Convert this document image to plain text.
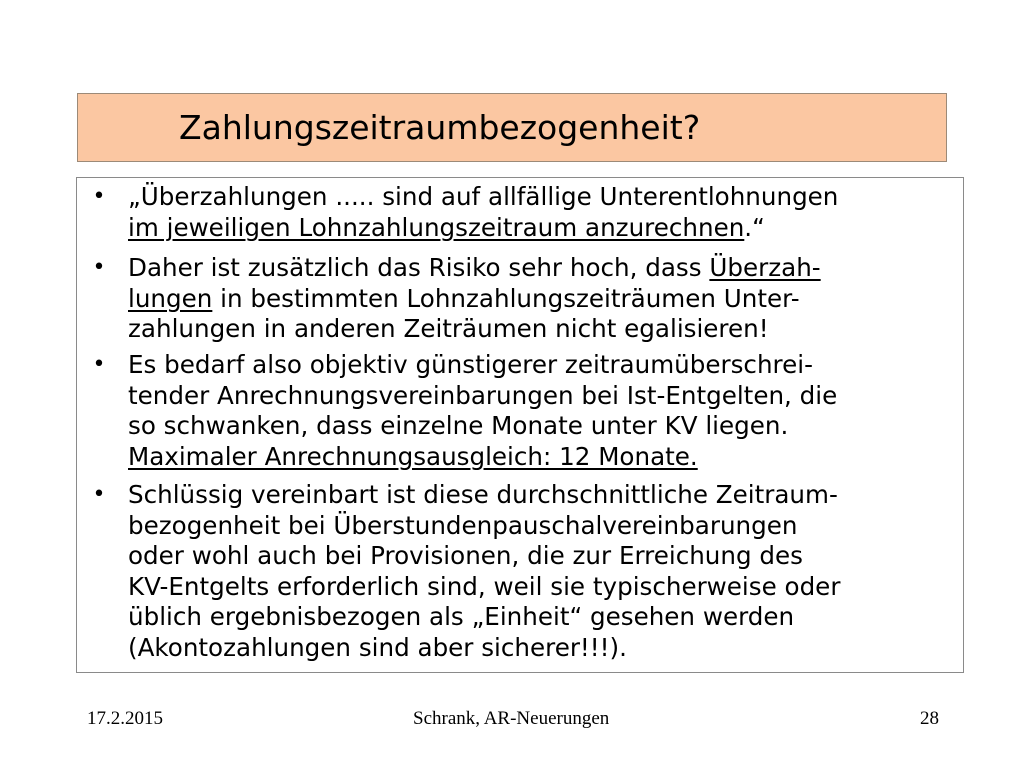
Zahlungszeitraumbezogenheit?
• „Überzahlungen ..... sind auf allfällige Unterentlohnungen
im jeweiligen Lohnzahlungszeitraum anzurechnen.“
• Daher ist zusätzlich das Risiko sehr hoch, dass Überzah-
lungen in bestimmten Lohnzahlungszeiträumen Unter-
zahlungen in anderen Zeiträumen nicht egalisieren!
• Es bedarf also objektiv günstigerer zeitraumüberschrei-
tender Anrechnungsvereinbarungen bei Ist-Entgelten, die
so schwanken, dass einzelne Monate unter KV liegen.
Maximaler Anrechnungsausgleich: 12 Monate.
• Schlüssig vereinbart ist diese durchschnittliche Zeitraum-
bezogenheit bei Überstundenpauschalvereinbarungen
oder wohl auch bei Provisionen, die zur Erreichung des
KV-Entgelts erforderlich sind, weil sie typischerweise oder
üblich ergebnisbezogen als „Einheit“ gesehen werden
(Akontozahlungen sind aber sicherer!!!).
17.2.2015	Schrank, AR-Neuerungen	28
